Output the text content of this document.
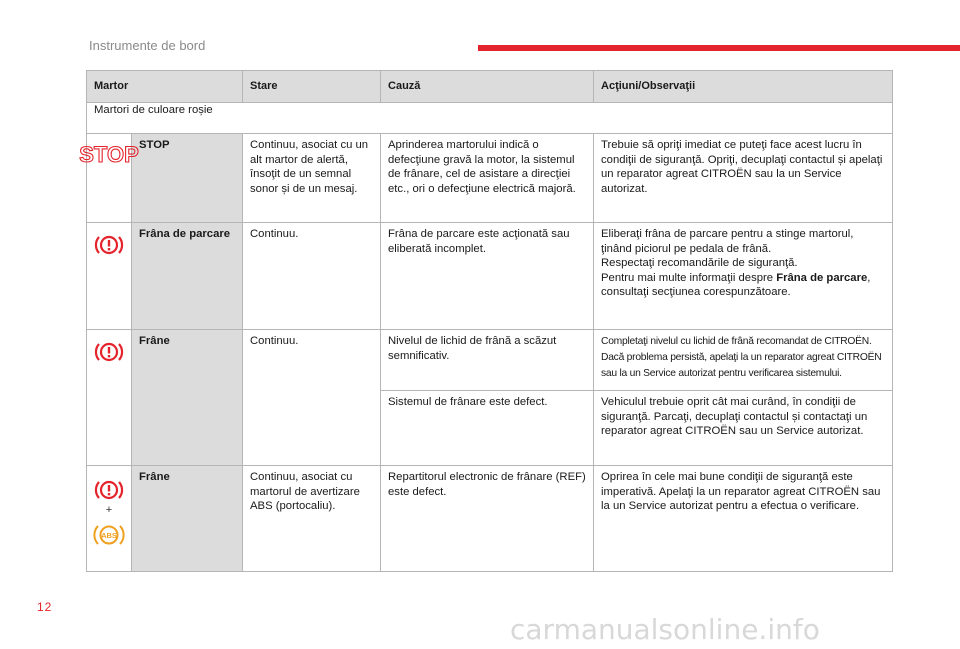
Instrumente de bord
Martor		Stare	Cauză	Acţiuni/Observaţii
Martori de culoare roșie				

STOP	STOP	Continuu, asociat cu un alt martor de alertă, însoţit de un semnal sonor și de un mesaj.	Aprinderea martorului indică o defecţiune gravă la motor, la sistemul de frânare, cel de asistare a direcţiei etc., ori o defecţiune electrică majoră.	Trebuie să opriţi imediat ce puteţi face acest lucru în condiţii de siguranţă. Opriţi, decuplaţi contactul și apelaţi un reparator agreat CITROËN sau la un Service autorizat.

	Frâna de parcare	Continuu.	Frâna de parcare este acţionată sau eliberată incomplet.	Eliberaţi frâna de parcare pentru a stinge martorul, ţinând piciorul pe pedala de frână.
Respectaţi recomandările de siguranţă.
Pentru mai multe informaţii despre Frâna de parcare, consultaţi secţiunea corespunzătoare.

	Frâne	Continuu.	Nivelul de lichid de frână a scăzut semnificativ.	Completaţi nivelul cu lichid de frână recomandat de CITROËN. Dacă problema persistă, apelaţi la un reparator agreat CITROËN sau la un Service autorizat pentru verificarea sistemului.
			Sistemul de frânare este defect.	Vehiculul trebuie oprit cât mai curând, în condiţii de siguranţă. Parcaţi, decuplaţi contactul și contactaţi un reparator agreat CITROËN sau un Service autorizat.

+
ABS	Frâne	Continuu, asociat cu martorul de avertizare ABS (portocaliu).	Repartitorul electronic de frânare (REF) este defect.	Oprirea în cele mai bune condiţii de siguranţă este imperativă. Apelaţi la un reparator agreat CITROËN sau la un Service autorizat pentru a efectua o verificare.
12
carmanualsonline.info
